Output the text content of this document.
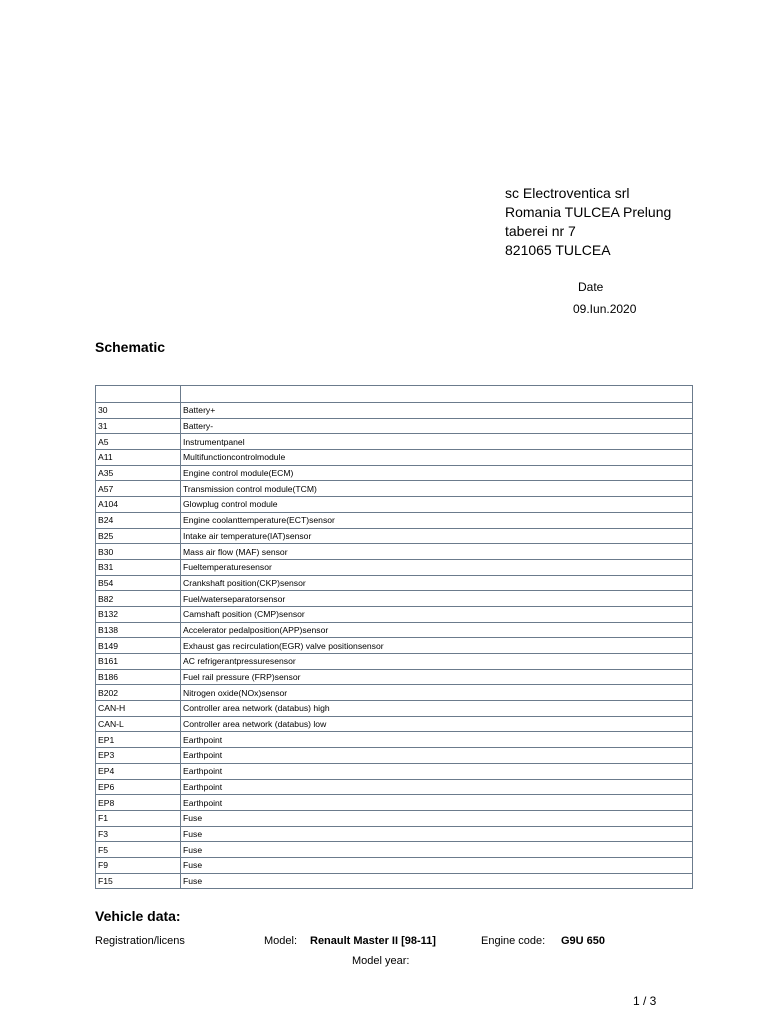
sc Electroventica srl
Romania TULCEA Prelung
taberei nr 7
821065 TULCEA
Date
09.Iun.2020
Schematic

30	Battery+
31	Battery-
A5	Instrumentpanel
A11	Multifunctioncontrolmodule
A35	Engine control module(ECM)
A57	Transmission control module(TCM)
A104	Glowplug control module
B24	Engine coolanttemperature(ECT)sensor
B25	Intake air temperature(IAT)sensor
B30	Mass air flow (MAF) sensor
B31	Fueltemperaturesensor
B54	Crankshaft position(CKP)sensor
B82	Fuel/waterseparatorsensor
B132	Camshaft position (CMP)sensor
B138	Accelerator pedalposition(APP)sensor
B149	Exhaust gas recirculation(EGR) valve positionsensor
B161	AC refrigerantpressuresensor
B186	Fuel rail pressure (FRP)sensor
B202	Nitrogen oxide(NOx)sensor
CAN-H	Controller area network (databus) high
CAN-L	Controller area network (databus) low
EP1	Earthpoint
EP3	Earthpoint
EP4	Earthpoint
EP6	Earthpoint
EP8	Earthpoint
F1	Fuse
F3	Fuse
F5	Fuse
F9	Fuse
F15	Fuse
Vehicle data:
Registration/licens	Model: Renault Master II [98-11]	Engine code: G9U 650
Model year:
1 / 3
